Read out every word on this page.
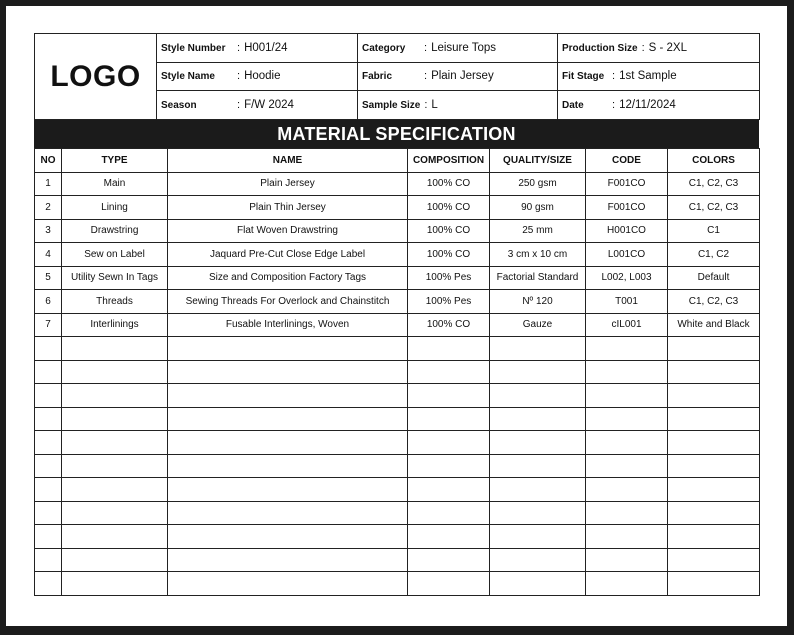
LOGO	Style Number : H001/24	Category : Leisure Tops	Production Size : S - 2XL
	Style Name : Hoodie	Fabric : Plain Jersey	Fit Stage : 1st Sample
	Season : F/W 2024	Sample Size : L	Date : 12/11/2024
MATERIAL SPECIFICATION
NO	TYPE	NAME	COMPOSITION	QUALITY/SIZE	CODE	COLORS
1	Main	Plain Jersey	100% CO	250 gsm	F001CO	C1, C2, C3
2	Lining	Plain Thin Jersey	100% CO	90 gsm	F001CO	C1, C2, C3
3	Drawstring	Flat Woven Drawstring	100% CO	25 mm	H001CO	C1
4	Sew on Label	Jaquard Pre-Cut Close Edge Label	100% CO	3 cm x 10 cm	L001CO	C1, C2
5	Utility Sewn In Tags	Size and Composition Factory Tags	100% Pes	Factorial Standard	L002, L003	Default
6	Threads	Sewing Threads For Overlock and Chainstitch	100% Pes	Nº 120	T001	C1, C2, C3
7	Interlinings	Fusable Interlinings, Woven	100% CO	Gauze	cIL001	White and Black
